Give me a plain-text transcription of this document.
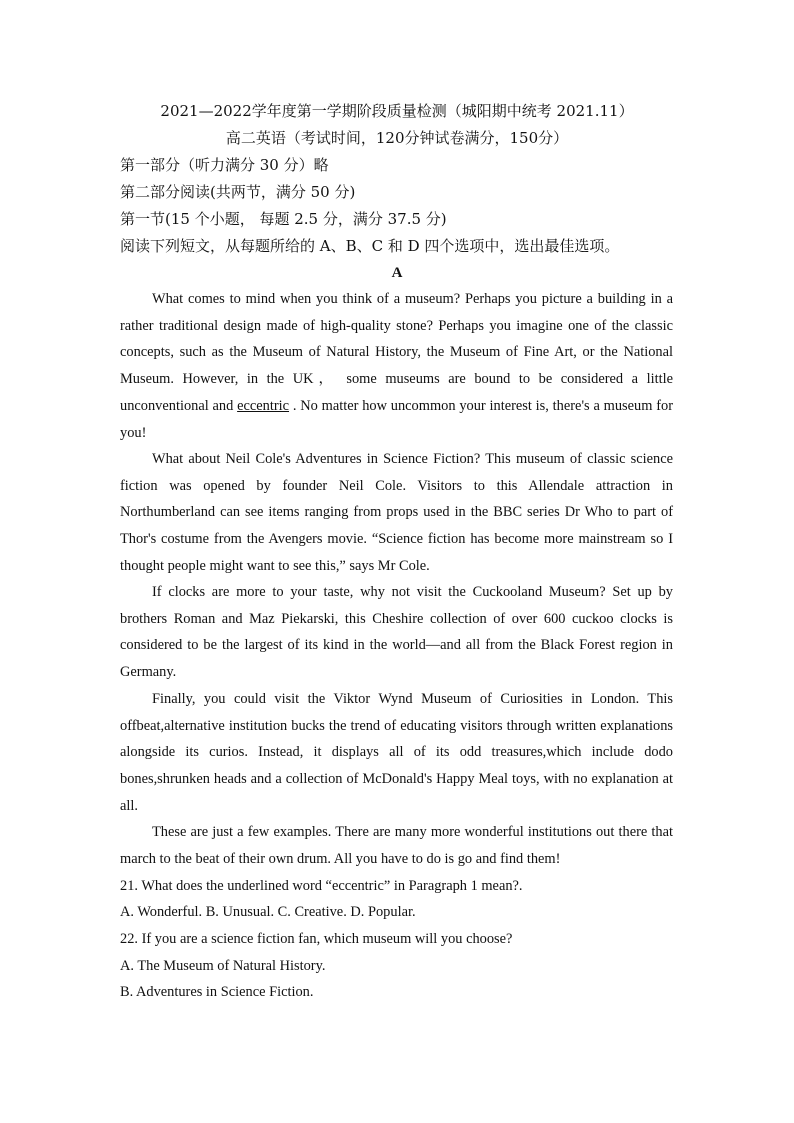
2021—2022学年度第一学期阶段质量检测（城阳期中统考 2021.11）
高二英语（考试时间，120分钟试卷满分，150分）
第一部分（听力满分 30 分）略
第二部分阅读(共两节，满分 50 分)
第一节(15 个小题， 每题 2.5 分，满分 37.5 分)
阅读下列短文，从每题所给的 A、B、C 和 D 四个选项中，选出最佳选项。
A
What comes to mind when you think of a museum? Perhaps you picture a building in a rather traditional design made of high-quality stone? Perhaps you imagine one of the classic concepts, such as the Museum of Natural History, the Museum of Fine Art, or the National Museum. However, in the UK， some museums are bound to be considered a little unconventional and eccentric . No matter how uncommon your interest is, there's a museum for you!
What about Neil Cole's Adventures in Science Fiction? This museum of classic science fiction was opened by founder Neil Cole. Visitors to this Allendale attraction in Northumberland can see items ranging from props used in the BBC series Dr Who to part of Thor's costume from the Avengers movie. “Science fiction has become more mainstream so I thought people might want to see this,” says Mr Cole.
If clocks are more to your taste, why not visit the Cuckooland Museum? Set up by brothers Roman and Maz Piekarski, this Cheshire collection of over 600 cuckoo clocks is considered to be the largest of its kind in the world—and all from the Black Forest region in Germany.
Finally, you could visit the Viktor Wynd Museum of Curiosities in London. This offbeat,alternative institution bucks the trend of educating visitors through written explanations alongside its curios. Instead, it displays all of its odd treasures,which include dodo bones,shrunken heads and a collection of McDonald's Happy Meal toys, with no explanation at all.
These are just a few examples. There are many more wonderful institutions out there that march to the beat of their own drum. All you have to do is go and find them!
21. What does the underlined word “eccentric” in Paragraph 1 mean?.
A. Wonderful. B. Unusual. C. Creative. D. Popular.
22. If you are a science fiction fan, which museum will you choose?
A. The Museum of Natural History.
B. Adventures in Science Fiction.
